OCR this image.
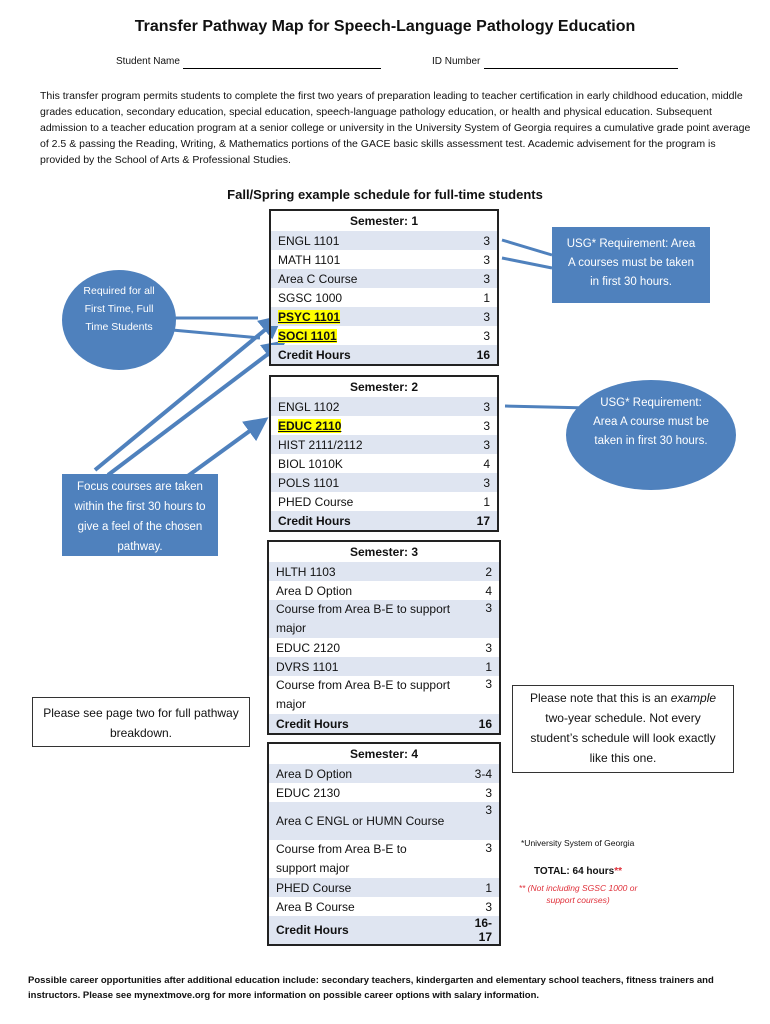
Transfer Pathway Map for Speech-Language Pathology Education
Student Name	ID Number
This transfer program permits students to complete the first two years of preparation leading to teacher certification in early childhood education, middle grades education, secondary education, special education, speech-language pathology education, or health and physical education. Subsequent admission to a teacher education program at a senior college or university in the University System of Georgia requires a cumulative grade point average of 2.5 & passing the Reading, Writing, & Mathematics portions of the GACE basic skills assessment test. Academic advisement for the program is provided by the School of Arts & Professional Studies.
Fall/Spring example schedule for full-time students
Semester: 1	
ENGL 1101	3
MATH 1101	3
Area C Course	3
SGSC 1000	1
PSYC 1101	3
SOCI 1101	3
Credit Hours	16
Semester: 2	
ENGL 1102	3
EDUC 2110	3
HIST 2111/2112	3
BIOL 1010K	4
POLS 1101	3
PHED Course	1
Credit Hours	17
Semester: 3	
HLTH 1103	2
Area D Option	4
Course from Area B-E to support major	3
EDUC 2120	3
DVRS 1101	1
Course from Area B-E to support major	3
Credit Hours	16
Semester: 4	
Area D Option	3-4
EDUC 2130	3
Area C ENGL or HUMN Course	3
Course from Area B-E to support major	3
PHED Course	1
Area B Course	3
Credit Hours	16-17
USG* Requirement: Area A courses must be taken in first 30 hours.
Required for all First Time, Full Time Students
USG* Requirement: Area A course must be taken in first 30 hours.
Focus courses are taken within the first 30 hours to give a feel of the chosen pathway.
Please see page two for full pathway breakdown.
Please note that this is an example two-year schedule. Not every student’s schedule will look exactly like this one.
*University System of Georgia
TOTAL: 64 hours**
** (Not including SGSC 1000 or support courses)
Possible career opportunities after additional education include: secondary teachers, kindergarten and elementary school teachers, fitness trainers and instructors. Please see mynextmove.org for more information on possible career options with salary information.
